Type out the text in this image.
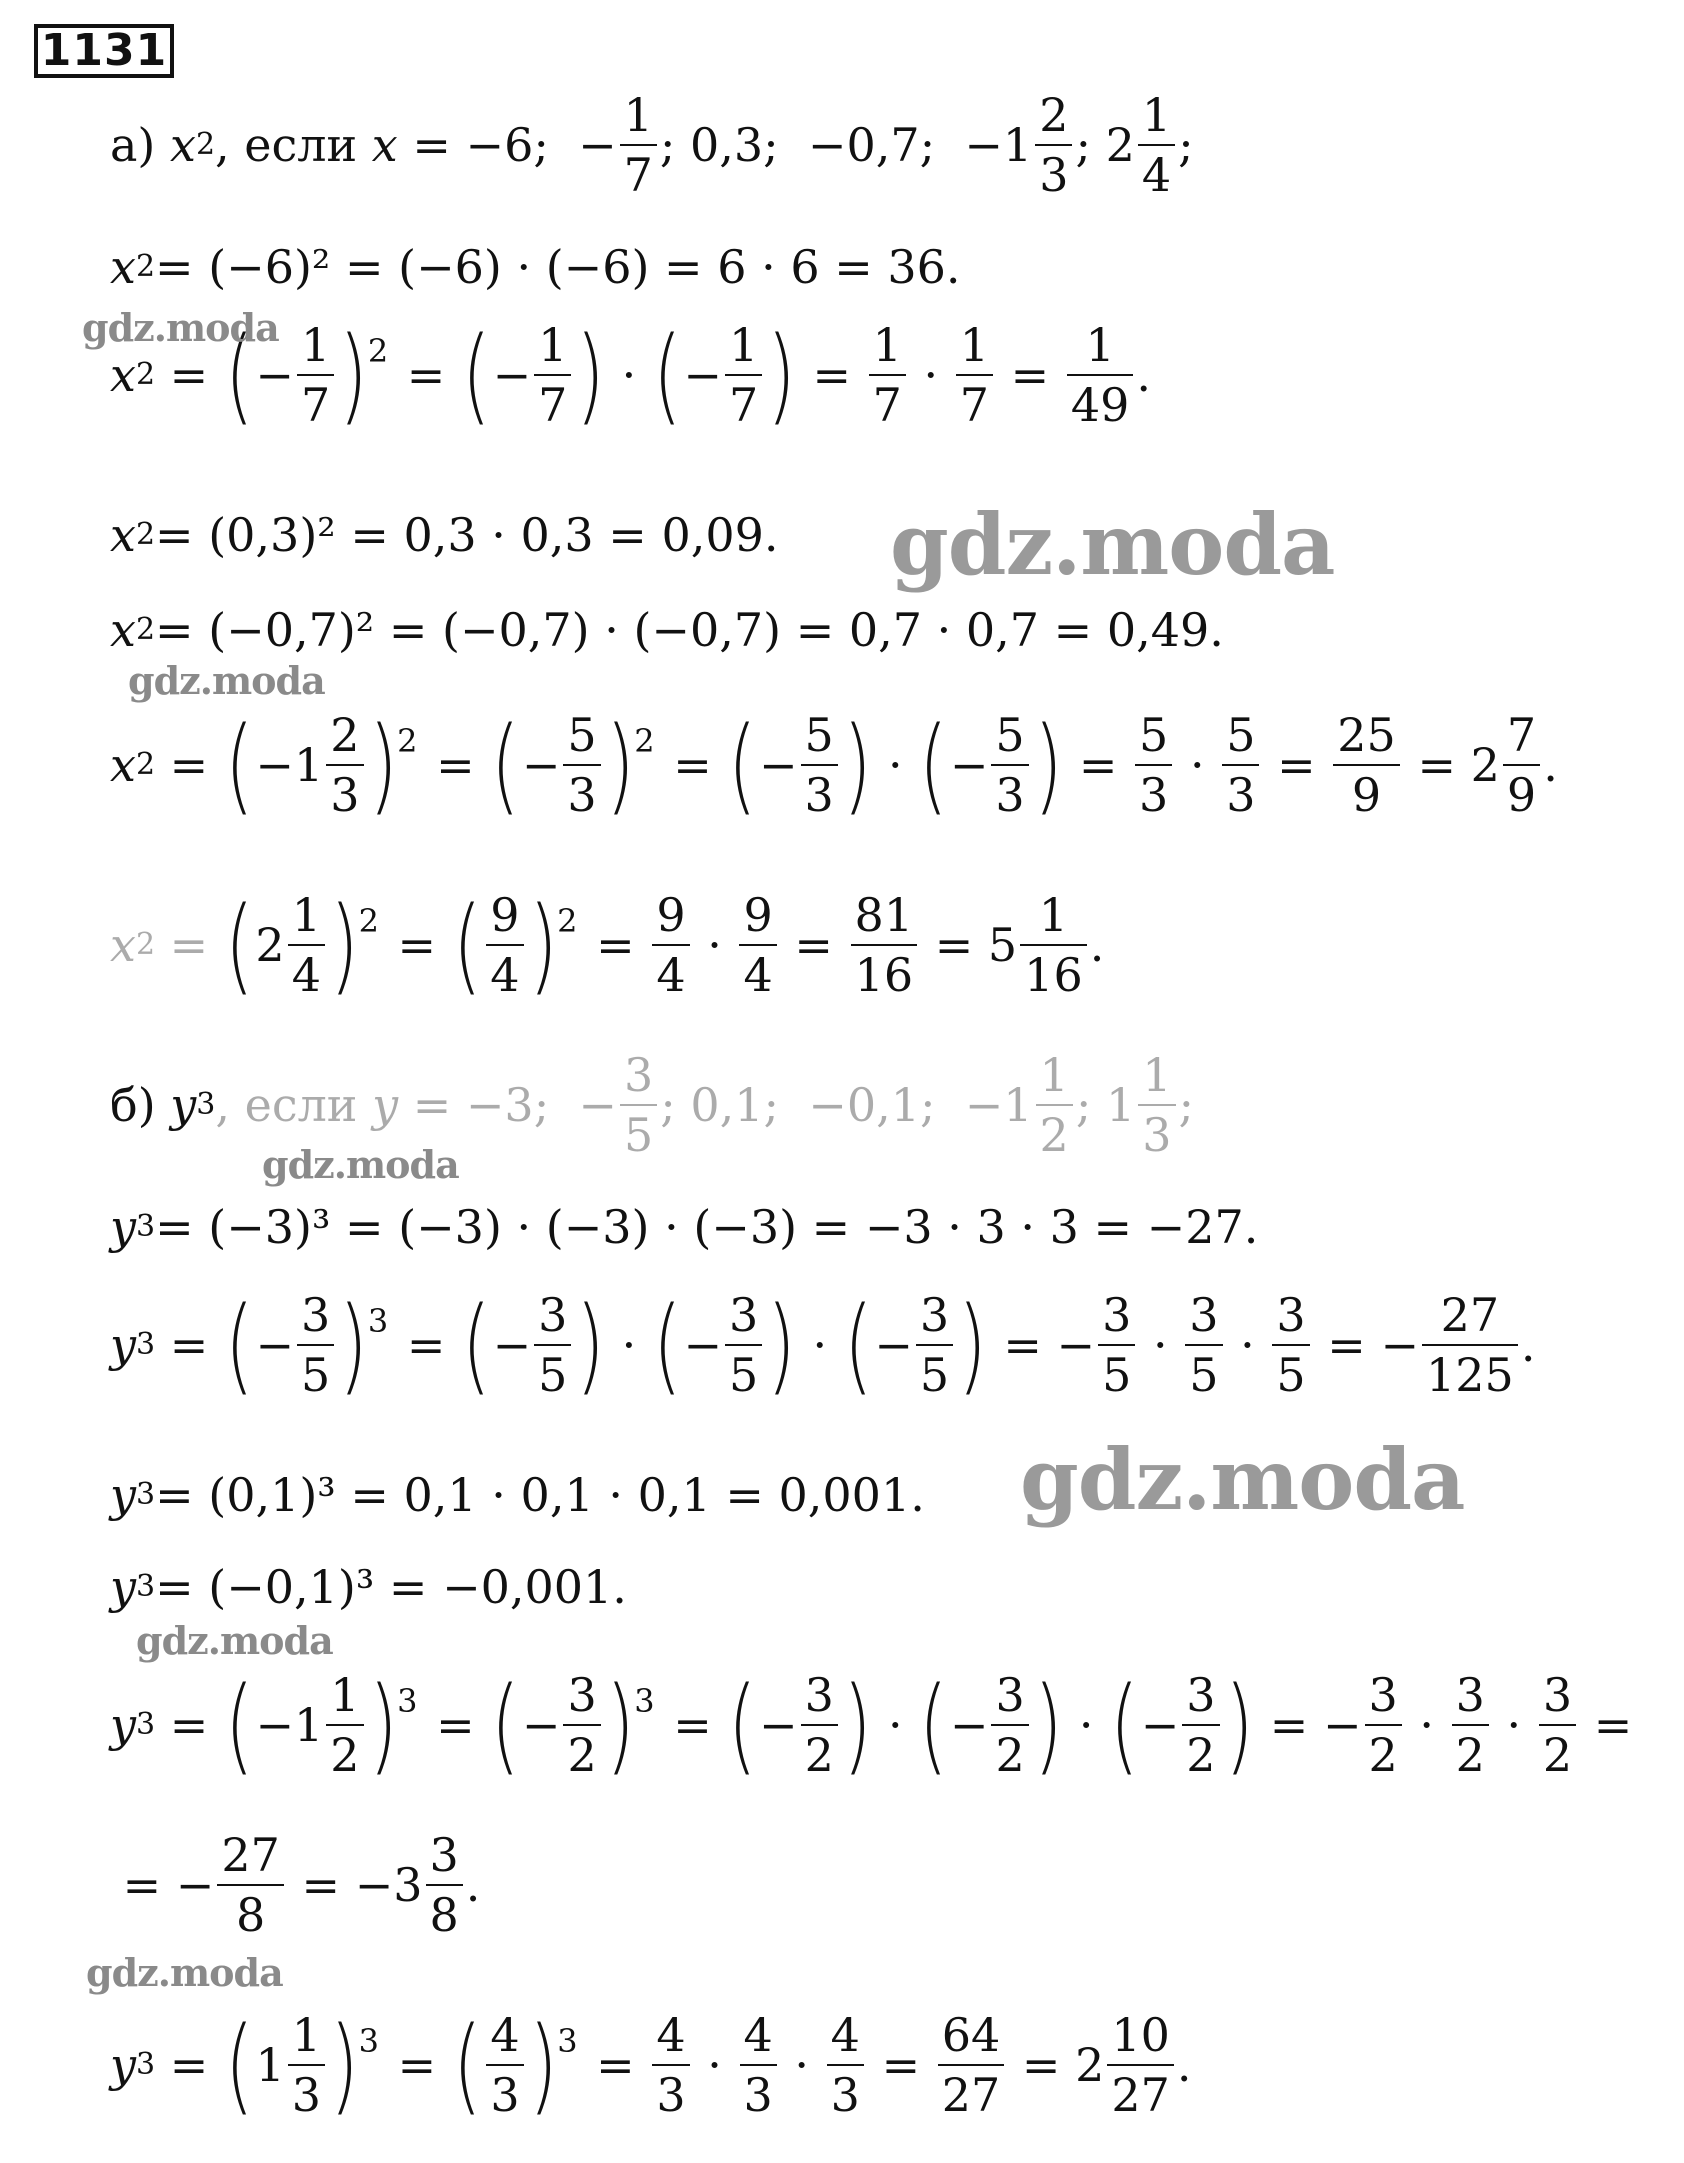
1131
а)
x 2 , если x = −6;  − $\frac{1}{7}$ ; 0,3;  −0,7;  $-1 \frac{2}{3}$ ; $2 \frac{1}{4}$ ;
x 2 = (−6)² = (−6) · (−6) = 6 · 6 = 36.
x 2 = ( − $\frac{1}{7}$ ) 2 = ( − $\frac{1}{7}$ ) · ( − $\frac{1}{7}$ ) = $\frac{1}{7} \cdot \frac{1}{7} = \frac{1}{49}$ .
x 2 = (0,3)² = 0,3 · 0,3 = 0,09.
x 2 = (−0,7)² = (−0,7) · (−0,7) = 0,7 · 0,7 = 0,49.
x 2 = ( − $1 \frac{2}{3}$ ) 2 = ( − $\frac{5}{3}$ ) 2 = ( − $\frac{5}{3}$ ) · ( − $\frac{5}{3}$ ) = $\frac{5}{3} \cdot \frac{5}{3} = \frac{25}{9} = 2 \frac{7}{9}$ .
x 2 = ( $2 \frac{1}{4}$ ) 2 = ( $\frac{9}{4}$ ) $2 = \frac{9}{4} \cdot \frac{9}{4} = \frac{81}{16} = 5 \frac{1}{16}$ .
б)
y 3 , если y = −3;  − $\frac{3}{5}$ ; 0,1;  −0,1;  $-1 \frac{1}{2}$ ; $1 \frac{1}{3}$ ;
y 3 = (−3)³ = (−3) · (−3) · (−3) = −3 · 3 · 3 = −27.
y 3 = ( − $\frac{3}{5}$ ) 3 = ( − $\frac{3}{5}$ ) · ( − $\frac{3}{5}$ ) · ( − $\frac{3}{5}$ ) = − $\frac{3}{5} \cdot \frac{3}{5} \cdot \frac{3}{5}$ = − $\frac{27}{125}$ .
y 3 = (0,1)³ = 0,1 · 0,1 · 0,1 = 0,001.
y 3 = (−0,1)³ = −0,001.
y 3 = ( − $1 \frac{1}{2}$ ) 3 = ( − $\frac{3}{2}$ ) 3 = ( − $\frac{3}{2}$ ) · ( − $\frac{3}{2}$ ) · ( − $\frac{3}{2}$ ) = − $\frac{3}{2} \cdot \frac{3}{2} \cdot \frac{3}{2}$ =
= − $\frac{27}{8}$ = − $3 \frac{3}{8}$ .
y 3 = ( $1 \frac{1}{3}$ ) 3 = ( $\frac{4}{3}$ ) $3 = \frac{4}{3} \cdot \frac{4}{3} \cdot \frac{4}{3} = \frac{64}{27} = 2 \frac{10}{27}$ .
gdz.moda
gdz.moda
gdz.moda
gdz.moda
gdz.moda
gdz.moda
gdz.moda
